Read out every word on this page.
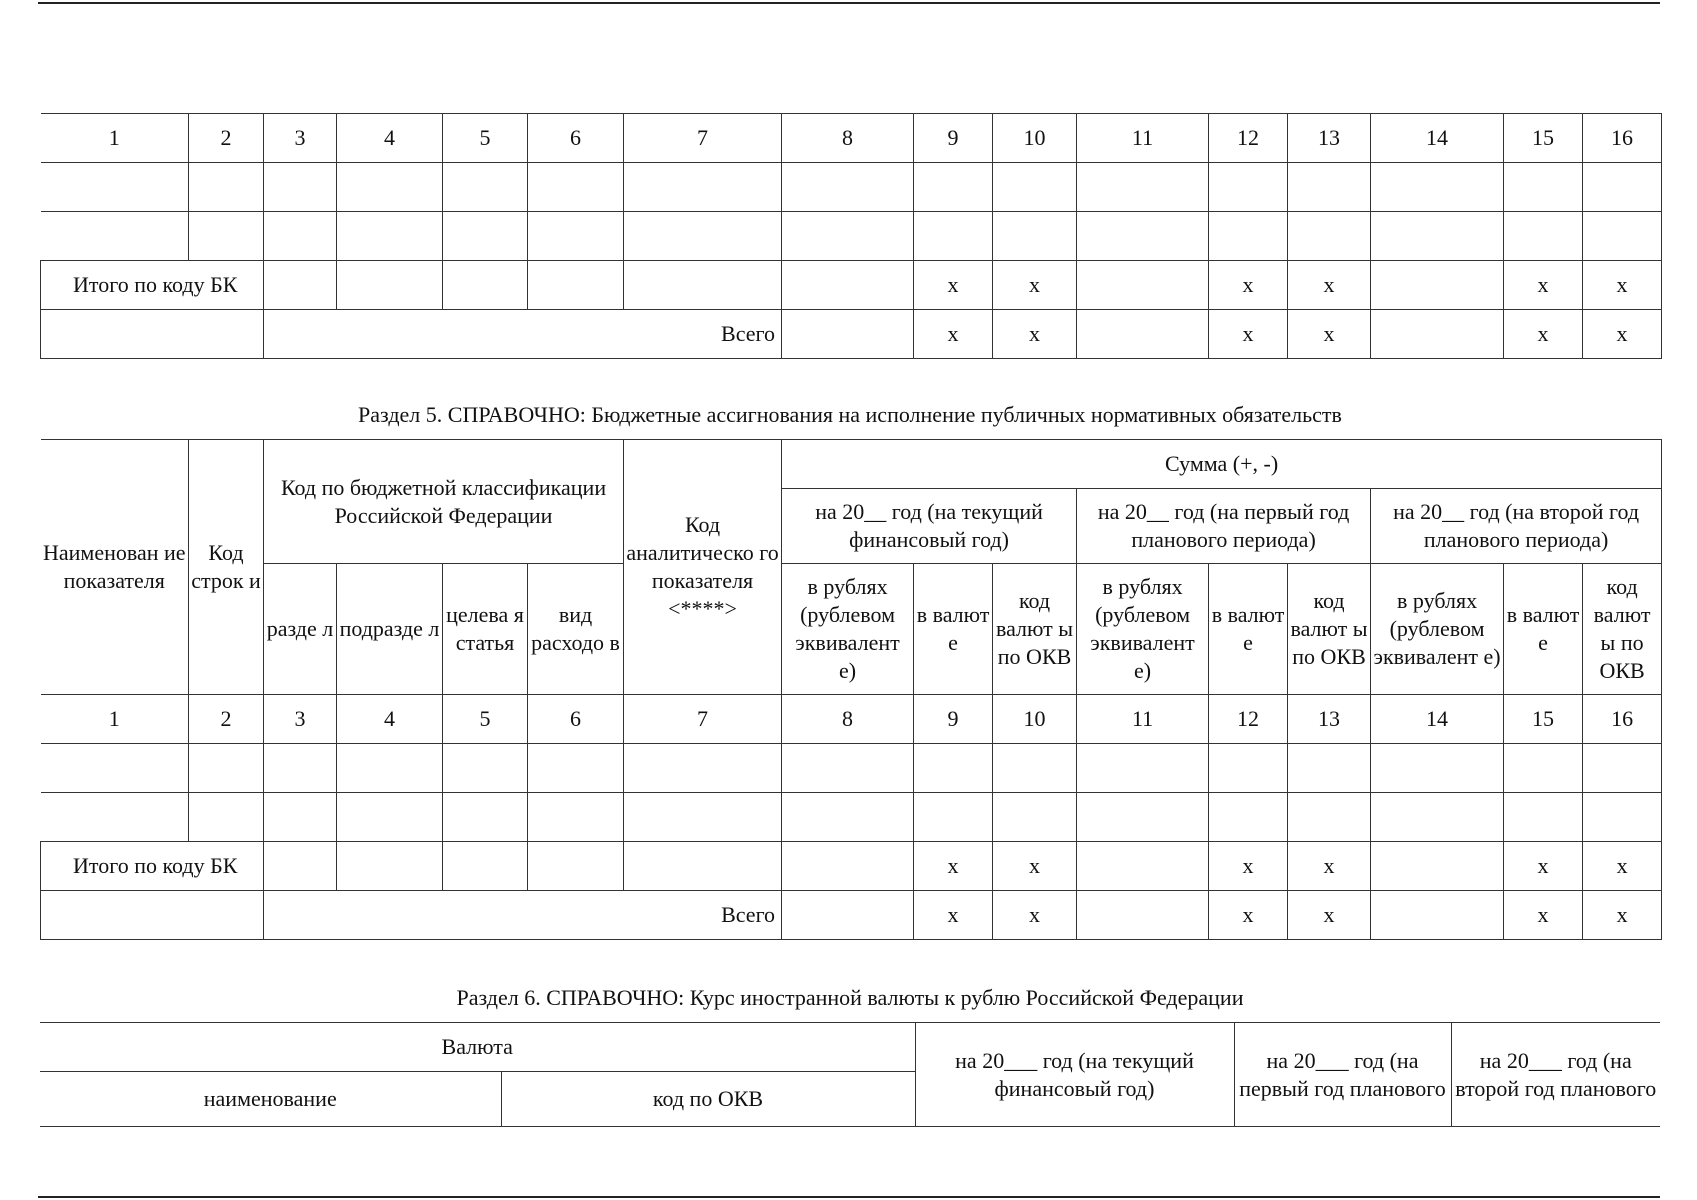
1	2	3	4	5	6	7	8	9	10	11	12	13	14	15	16

Итого по коду БК								x	x		x	x		x	x
		Всего						x	x		x	x		x	x
Раздел 5. СПРАВОЧНО: Бюджетные ассигнования на исполнение публичных нормативных обязательств
Наименован ие показателя	Код строк и	Код по бюджетной классификации Российской Федерации				Код аналитическо го показателя <****>	Сумма (+, -)								
							на 20__ год (на текущий финансовый год)			на 20__ год (на первый год планового периода)			на 20__ год (на второй год планового периода)		
		разде л	подразде л	целева я статья	вид расходо в		в рублях (рублевом эквивалент е)	в валют е	код валют ы по ОКВ	в рублях (рублевом эквивалент е)	в валют е	код валют ы по ОКВ	в рублях (рублевом эквивалент е)	в валют е	код валют ы по ОКВ
1	2	3	4	5	6	7	8	9	10	11	12	13	14	15	16

Итого по коду БК								x	x		x	x		x	x
		Всего						x	x		x	x		x	x
Раздел 6. СПРАВОЧНО: Курс иностранной валюты к рублю Российской Федерации
Валюта		на 20___ год (на текущий финансовый год)	на 20___ год (на первый год планового	на 20___ год (на второй год планового
наименование	код по ОКВ			
